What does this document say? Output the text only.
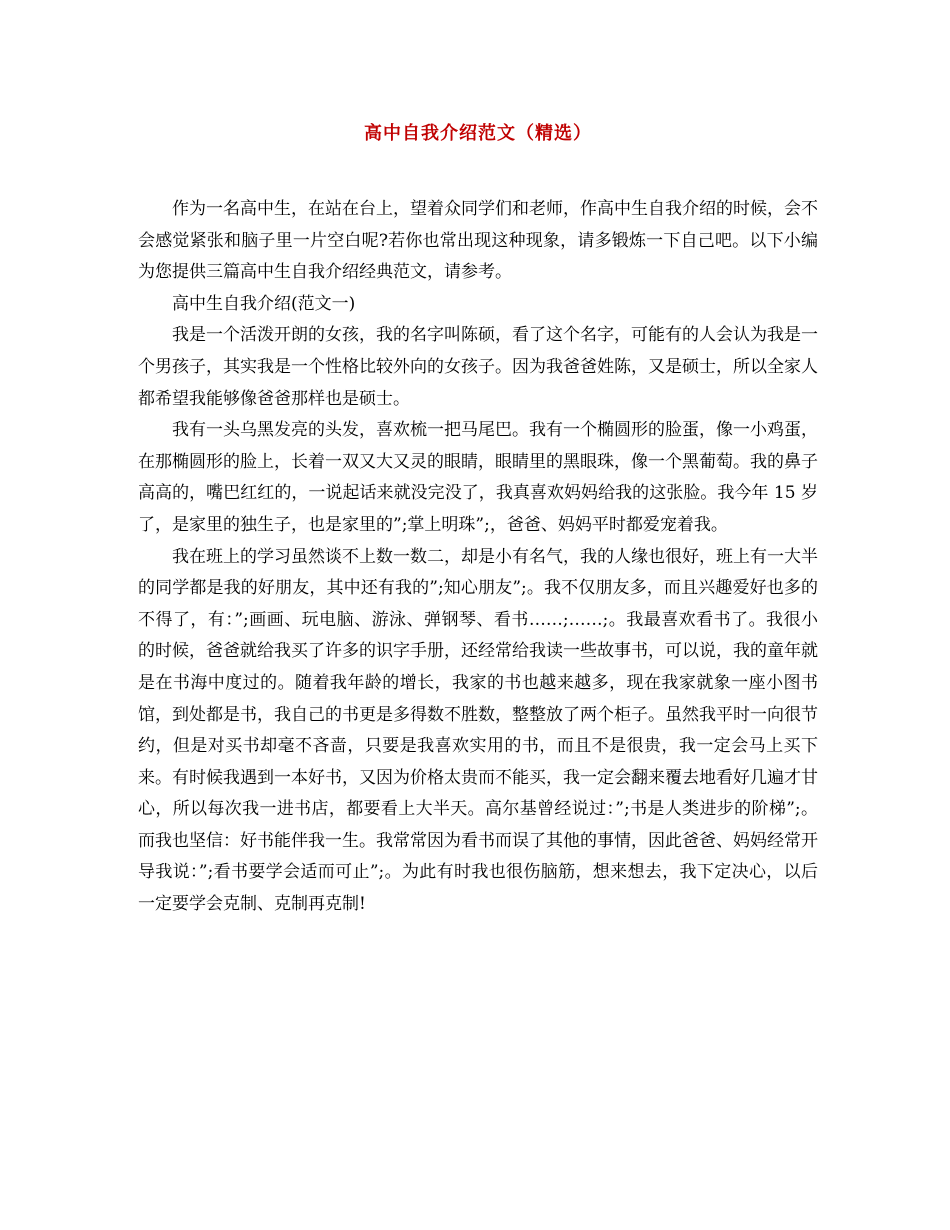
高中自我介绍范文（精选）

作为一名高中生，在站在台上，望着众同学们和老师，作高中生自我介绍的时候，会不会感觉紧张和脑子里一片空白呢?若你也常出现这种现象，请多锻炼一下自己吧。以下小编为您提供三篇高中生自我介绍经典范文，请参考。

高中生自我介绍(范文一)

我是一个活泼开朗的女孩，我的名字叫陈硕，看了这个名字，可能有的人会认为我是一个男孩子，其实我是一个性格比较外向的女孩子。因为我爸爸姓陈，又是硕士，所以全家人都希望我能够像爸爸那样也是硕士。

我有一头乌黑发亮的头发，喜欢梳一把马尾巴。我有一个椭圆形的脸蛋，像一小鸡蛋，在那椭圆形的脸上，长着一双又大又灵的眼睛，眼睛里的黑眼珠，像一个黑葡萄。我的鼻子高高的，嘴巴红红的，一说起话来就没完没了，我真喜欢妈妈给我的这张脸。我今年 15 岁了，是家里的独生子，也是家里的”;掌上明珠”;，爸爸、妈妈平时都爱宠着我。

我在班上的学习虽然谈不上数一数二，却是小有名气，我的人缘也很好，班上有一大半的同学都是我的好朋友，其中还有我的”;知心朋友”;。我不仅朋友多，而且兴趣爱好也多的不得了，有：”;画画、玩电脑、游泳、弹钢琴、看书……;……;。我最喜欢看书了。我很小的时候，爸爸就给我买了许多的识字手册，还经常给我读一些故事书，可以说，我的童年就是在书海中度过的。随着我年龄的增长，我家的书也越来越多，现在我家就象一座小图书馆，到处都是书，我自己的书更是多得数不胜数，整整放了两个柜子。虽然我平时一向很节约，但是对买书却毫不吝啬，只要是我喜欢实用的书，而且不是很贵，我一定会马上买下来。有时候我遇到一本好书，又因为价格太贵而不能买，我一定会翻来覆去地看好几遍才甘心，所以每次我一进书店，都要看上大半天。高尔基曾经说过：”;书是人类进步的阶梯”;。而我也坚信：好书能伴我一生。我常常因为看书而误了其他的事情，因此爸爸、妈妈经常开导我说：”;看书要学会适而可止”;。为此有时我也很伤脑筋，想来想去，我下定决心，以后一定要学会克制、克制再克制!
